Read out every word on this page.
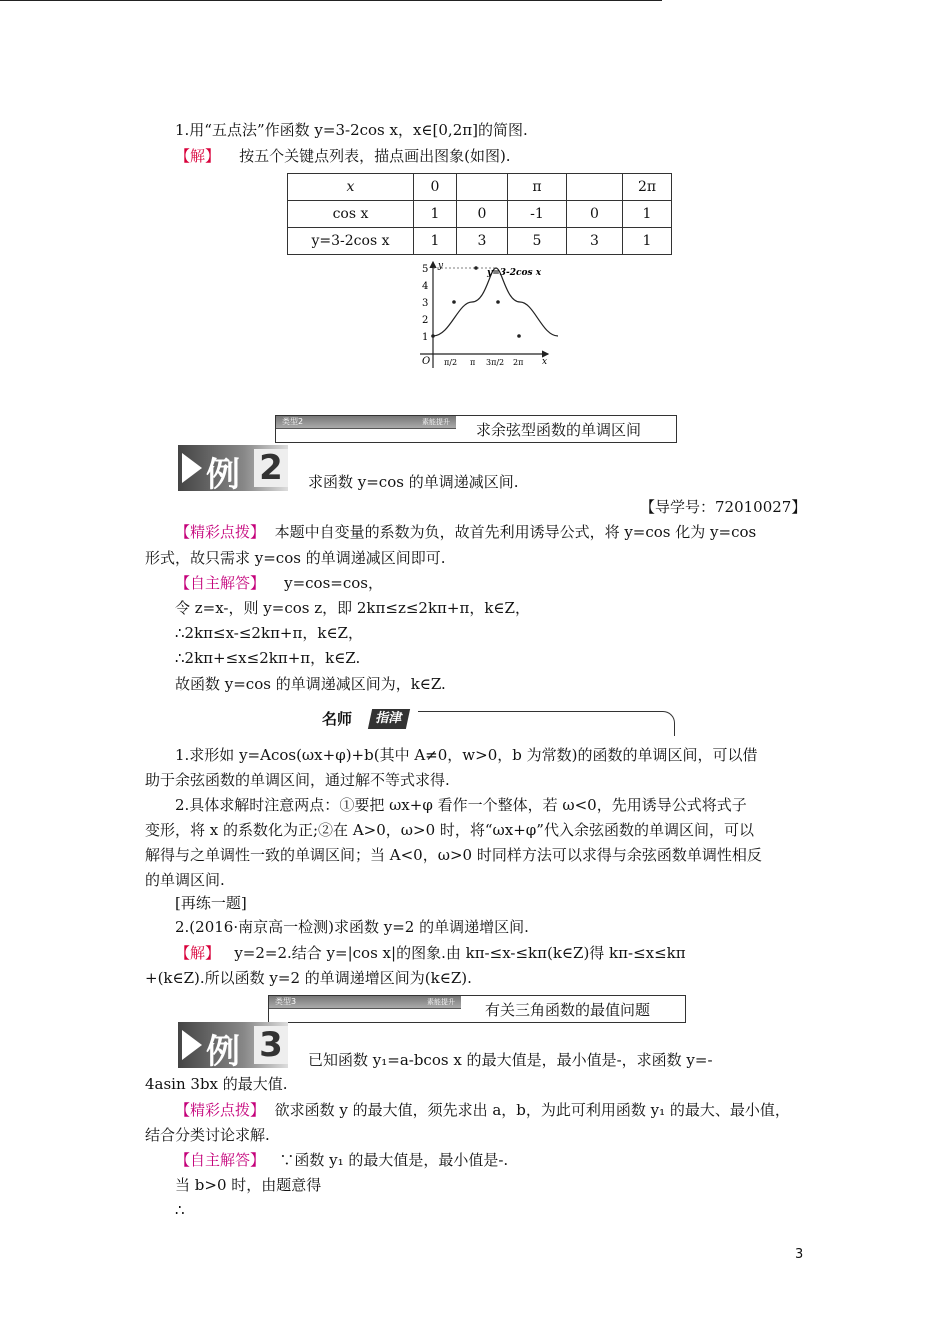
1.用“五点法”作函数 y=3-2cos x，x∈[0,2π]的简图.
【解】 按五个关键点列表，描点画出图象(如图).
x	0		π		2π
cos x	1	0	-1	0	1
y=3-2cos x	1	3	5	3	1
y
x
O
y=3-2cos x
1
2
3
4
5
π/2 π 3π/2 2π
类型2	素能提升 求余弦型函数的单调区间
例 2	求函数 y=cos 的单调递减区间.
【导学号：72010027】
【精彩点拨】 本题中自变量的系数为负，故首先利用诱导公式，将 y=cos 化为 y=cos
形式，故只需求 y=cos 的单调递减区间即可.
【自主解答】 y=cos=cos，
令 z=x-，则 y=cos z，即 2kπ≤z≤2kπ+π，k∈Z，
∴2kπ≤x-≤2kπ+π，k∈Z，
∴2kπ+≤x≤2kπ+π，k∈Z.
故函数 y=cos 的单调递减区间为，k∈Z.
名师	指津
1.求形如 y=Acos(ωx+φ)+b(其中 A≠0，w>0，b 为常数)的函数的单调区间，可以借
助于余弦函数的单调区间，通过解不等式求得.
2.具体求解时注意两点：①要把 ωx+φ 看作一个整体，若 ω<0，先用诱导公式将式子
变形，将 x 的系数化为正;②在 A>0，ω>0 时，将“ωx+φ”代入余弦函数的单调区间，可以
解得与之单调性一致的单调区间；当 A<0，ω>0 时同样方法可以求得与余弦函数单调性相反
的单调区间.
[再练一题]
2.(2016·南京高一检测)求函数 y=2 的单调递增区间.
【解】 y=2=2.结合 y=|cos x|的图象.由 kπ-≤x-≤kπ(k∈Z)得 kπ-≤x≤kπ
+(k∈Z).所以函数 y=2 的单调递增区间为(k∈Z).
类型3	素能提升 有关三角函数的最值问题
例 3	已知函数 y₁=a-bcos x 的最大值是，最小值是-，求函数 y=-
4asin 3bx 的最大值.
【精彩点拨】 欲求函数 y 的最大值，须先求出 a，b，为此可利用函数 y₁ 的最大、最小值，
结合分类讨论求解.
【自主解答】 ∵函数 y₁ 的最大值是，最小值是-.
当 b>0 时，由题意得
∴
3
